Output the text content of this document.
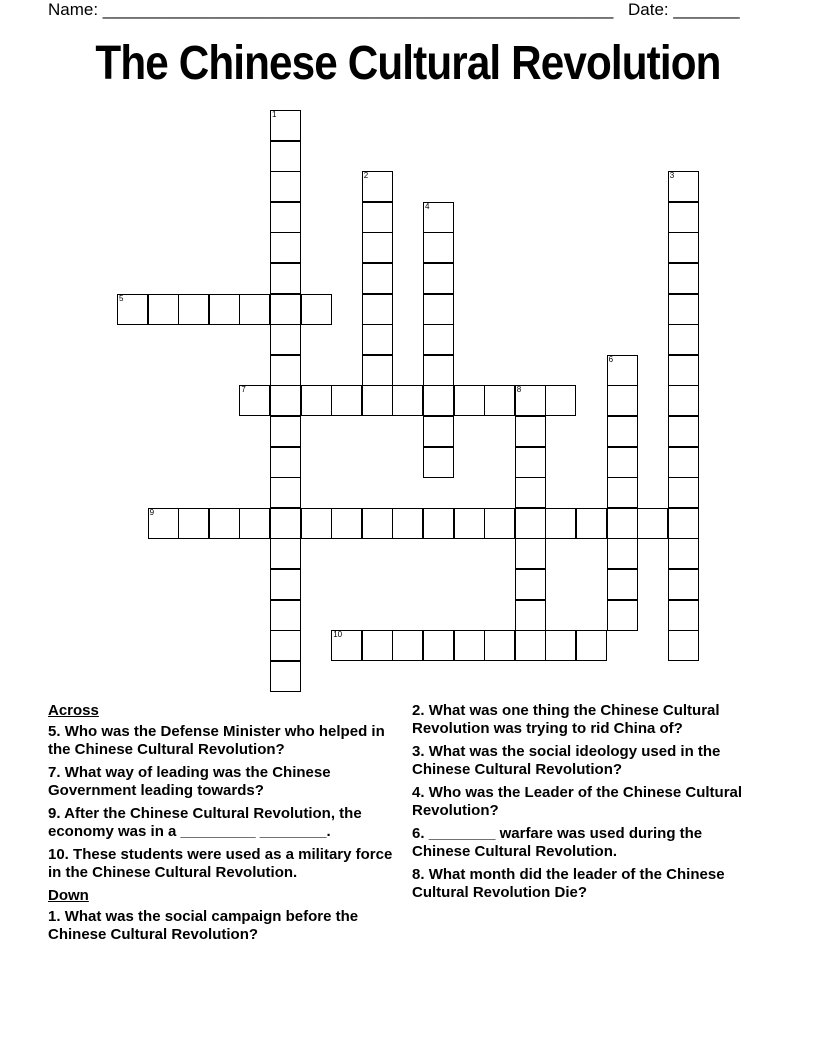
Name: ______________________________________________________ Date: _______
The Chinese Cultural Revolution
1
2	3
4
5
6
7	8
9
10
Across
5. Who was the Defense Minister who helped in the Chinese Cultural Revolution?
7. What way of leading was the Chinese Government leading towards?
9. After the Chinese Cultural Revolution, the economy was in a _________ ________.
10. These students were used as a military force in the Chinese Cultural Revolution.
Down
1. What was the social campaign before the Chinese Cultural Revolution?
2. What was one thing the Chinese Cultural Revolution was trying to rid China of?
3. What was the social ideology used in the Chinese Cultural Revolution?
4. Who was the Leader of the Chinese Cultural Revolution?
6. ________ warfare was used during the Chinese Cultural Revolution.
8. What month did the leader of the Chinese Cultural Revolution Die?
